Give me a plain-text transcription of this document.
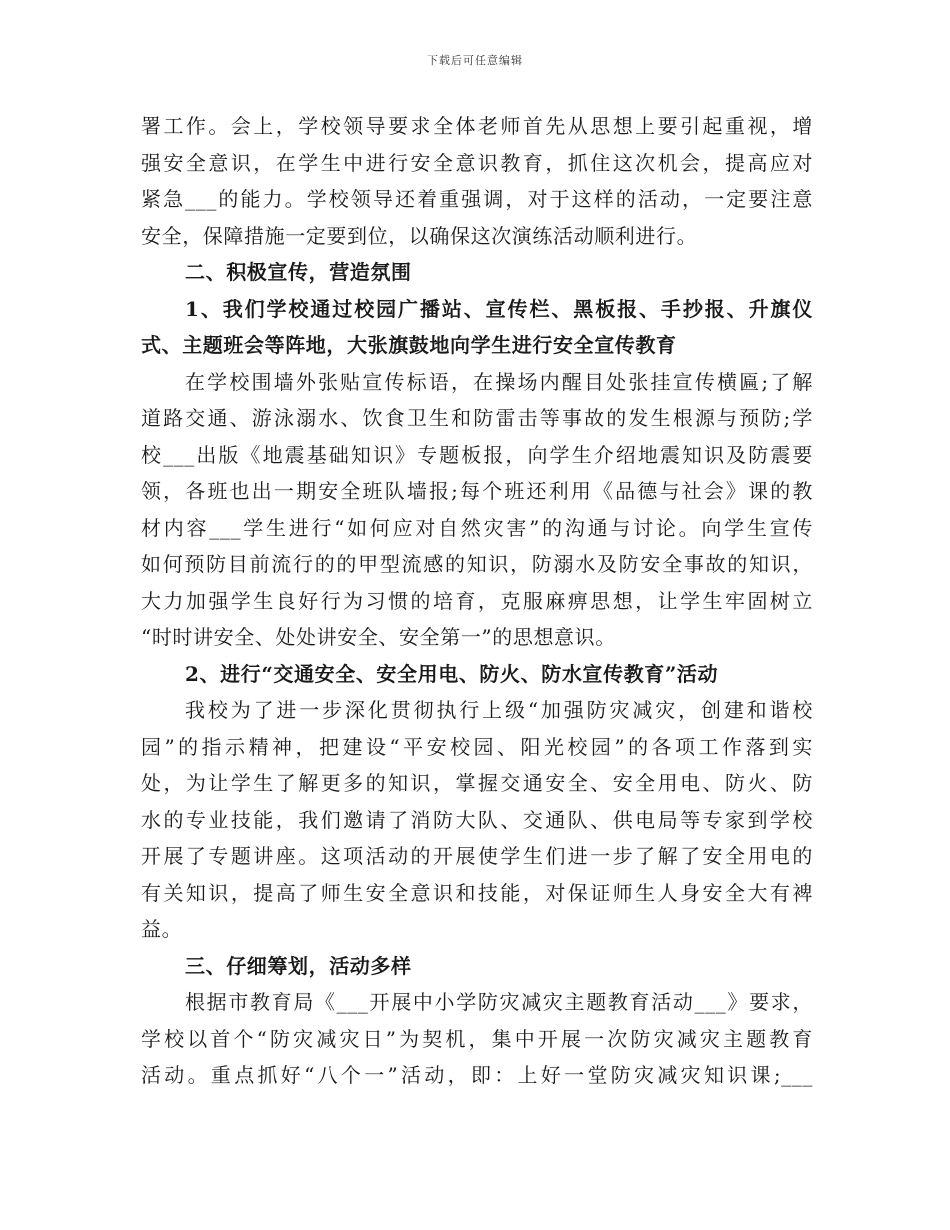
下载后可任意编辑
署工作。会上，学校领导要求全体老师首先从思想上要引起重视，增
强安全意识，在学生中进行安全意识教育，抓住这次机会，提高应对
紧急___的能力。学校领导还着重强调，对于这样的活动，一定要注意
安全，保障措施一定要到位，以确保这次演练活动顺利进行。
二、积极宣传，营造氛围
1、我们学校通过校园广播站、宣传栏、黑板报、手抄报、升旗仪
式、主题班会等阵地，大张旗鼓地向学生进行安全宣传教育
在学校围墙外张贴宣传标语，在操场内醒目处张挂宣传横匾;了解
道路交通、游泳溺水、饮食卫生和防雷击等事故的发生根源与预防;学
校___出版《地震基础知识》专题板报，向学生介绍地震知识及防震要
领，各班也出一期安全班队墙报;每个班还利用《品德与社会》课的教
材内容___学生进行“如何应对自然灾害”的沟通与讨论。向学生宣传
如何预防目前流行的的甲型流感的知识，防溺水及防安全事故的知识，
大力加强学生良好行为习惯的培育，克服麻痹思想，让学生牢固树立
“时时讲安全、处处讲安全、安全第一”的思想意识。
2、进行“交通安全、安全用电、防火、防水宣传教育”活动
我校为了进一步深化贯彻执行上级“加强防灾减灾，创建和谐校
园”的指示精神，把建设“平安校园、阳光校园”的各项工作落到实
处，为让学生了解更多的知识，掌握交通安全、安全用电、防火、防
水的专业技能，我们邀请了消防大队、交通队、供电局等专家到学校
开展了专题讲座。这项活动的开展使学生们进一步了解了安全用电的
有关知识，提高了师生安全意识和技能，对保证师生人身安全大有裨
益。
三、仔细筹划，活动多样
根据市教育局《___开展中小学防灾减灾主题教育活动___》要求，
学校以首个“防灾减灾日”为契机，集中开展一次防灾减灾主题教育
活动。重点抓好“八个一”活动，即：上好一堂防灾减灾知识课;___
